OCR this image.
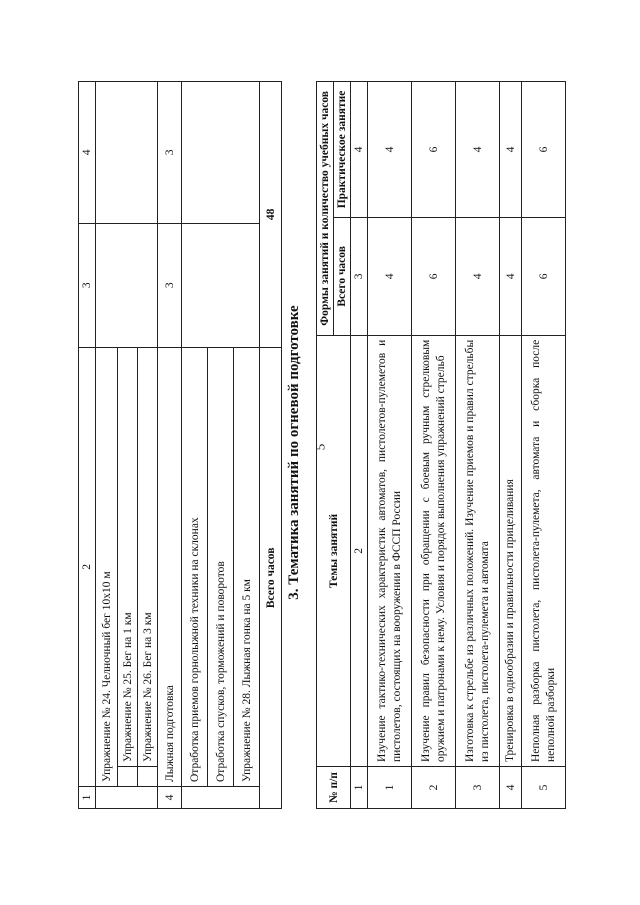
5
1	2		3	4
	Упражнение № 24. Челночный бег 10х10 м			
		Упражнение № 25. Бег на 1 км		
		Упражнение № 26. Бег на 3 км		
4	Лыжная подготовка		3	3
	Отработка приемов горнолыжной техники на склонах			
	Отработка спусков, торможений и поворотов			
	Упражнение № 28. Лыжная гонка на 5 км			
Всего часов			48	
3. Тематика занятий по огневой подготовке
№ п/п	Темы занятий	Формы занятий и количество учебных часов	
		Всего часов	Практическое занятие
1	2	3	4
1	Изучение тактико-технических характеристик автоматов, пистолетов-пулеметов и пистолетов, состоящих на вооружении в ФССП России	4	4
2	Изучение правил безопасности при обращении с боевым ручным стрелковым оружием и патронами к нему. Условия и порядок выполнения упражнений стрельб	6	6
3	Изготовка к стрельбе из различных положений. Изучение приемов и правил стрельбы из пистолета, пистолета-пулемета и автомата	4	4
4	Тренировка в однообразии и правильности прицеливания	4	4
5	Неполная разборка пистолета, пистолета-пулемета, автомата и сборка после неполной разборки	6	6
